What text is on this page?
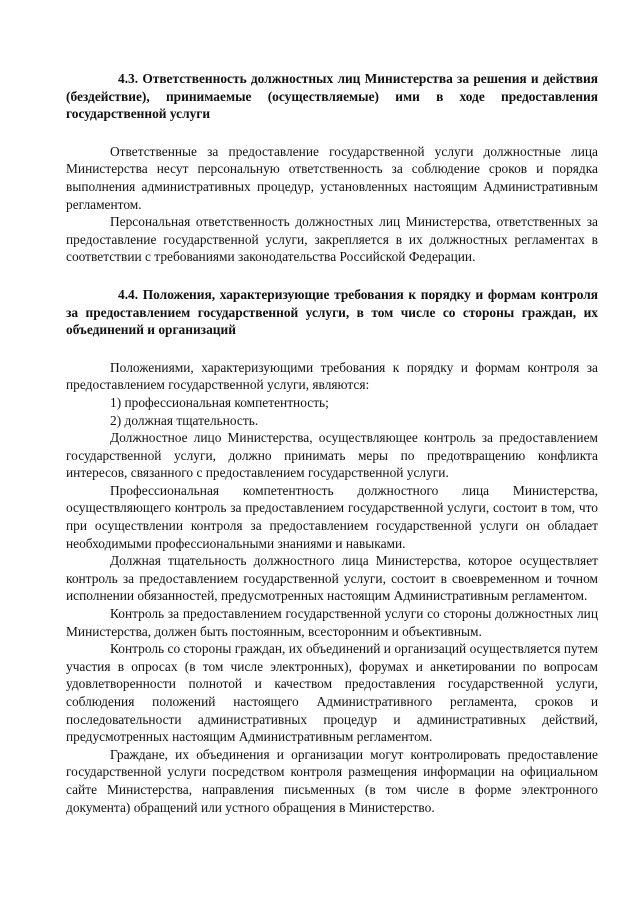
4.3. Ответственность должностных лиц Министерства за решения и действия (бездействие), принимаемые (осуществляемые) ими в ходе предоставления государственной услуги

Ответственные за предоставление государственной услуги должностные лица Министерства несут персональную ответственность за соблюдение сроков и порядка выполнения административных процедур, установленных настоящим Административным регламентом.

Персональная ответственность должностных лиц Министерства, ответственных за предоставление государственной услуги, закрепляется в их должностных регламентах в соответствии с требованиями законодательства Российской Федерации.

4.4. Положения, характеризующие требования к порядку и формам контроля за предоставлением государственной услуги, в том числе со стороны граждан, их объединений и организаций

Положениями, характеризующими требования к порядку и формам контроля за предоставлением государственной услуги, являются:

1) профессиональная компетентность;

2) должная тщательность.

Должностное лицо Министерства, осуществляющее контроль за предоставлением государственной услуги, должно принимать меры по предотвращению конфликта интересов, связанного с предоставлением государственной услуги.

Профессиональная компетентность должностного лица Министерства, осуществляющего контроль за предоставлением государственной услуги, состоит в том, что при осуществлении контроля за предоставлением государственной услуги он обладает необходимыми профессиональными знаниями и навыками.

Должная тщательность должностного лица Министерства, которое осуществляет контроль за предоставлением государственной услуги, состоит в своевременном и точном исполнении обязанностей, предусмотренных настоящим Административным регламентом.

Контроль за предоставлением государственной услуги со стороны должностных лиц Министерства, должен быть постоянным, всесторонним и объективным.

Контроль со стороны граждан, их объединений и организаций осуществляется путем участия в опросах (в том числе электронных), форумах и анкетировании по вопросам удовлетворенности полнотой и качеством предоставления государственной услуги, соблюдения положений настоящего Административного регламента, сроков и последовательности административных процедур и административных действий, предусмотренных настоящим Административным регламентом.

Граждане, их объединения и организации могут контролировать предоставление государственной услуги посредством контроля размещения информации на официальном сайте Министерства, направления письменных (в том числе в форме электронного документа) обращений или устного обращения в Министерство.
